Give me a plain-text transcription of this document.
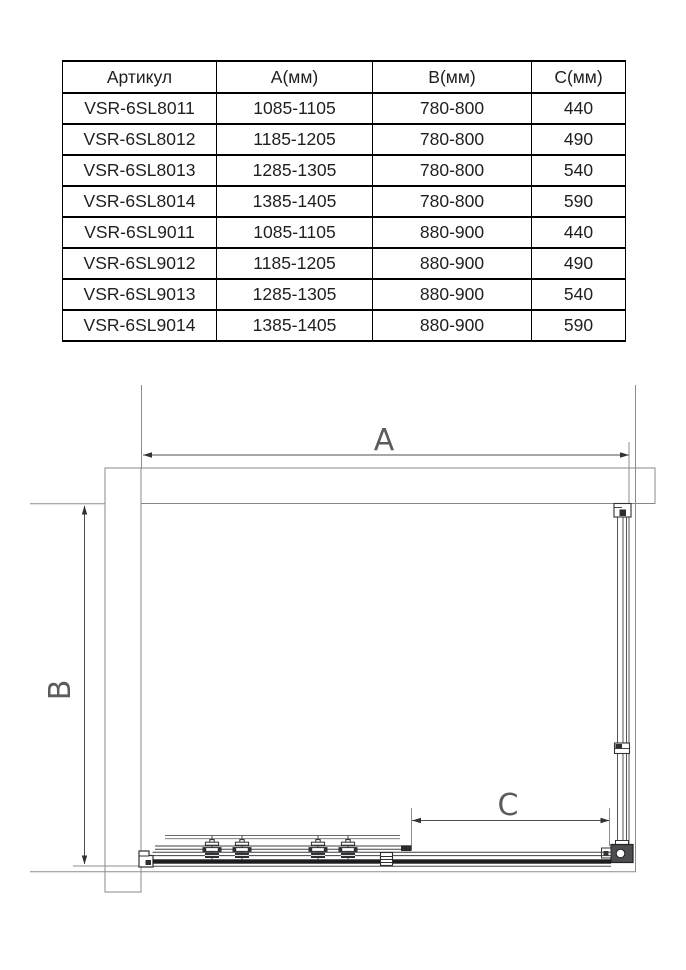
Артикул	А(мм)	В(мм)	С(мм)
VSR-6SL8011	1085-1105	780-800	440
VSR-6SL8012	1185-1205	780-800	490
VSR-6SL8013	1285-1305	780-800	540
VSR-6SL8014	1385-1405	780-800	590
VSR-6SL9011	1085-1105	880-900	440
VSR-6SL9012	1185-1205	880-900	490
VSR-6SL9013	1285-1305	880-900	540
VSR-6SL9014	1385-1405	880-900	590
A
B
C
